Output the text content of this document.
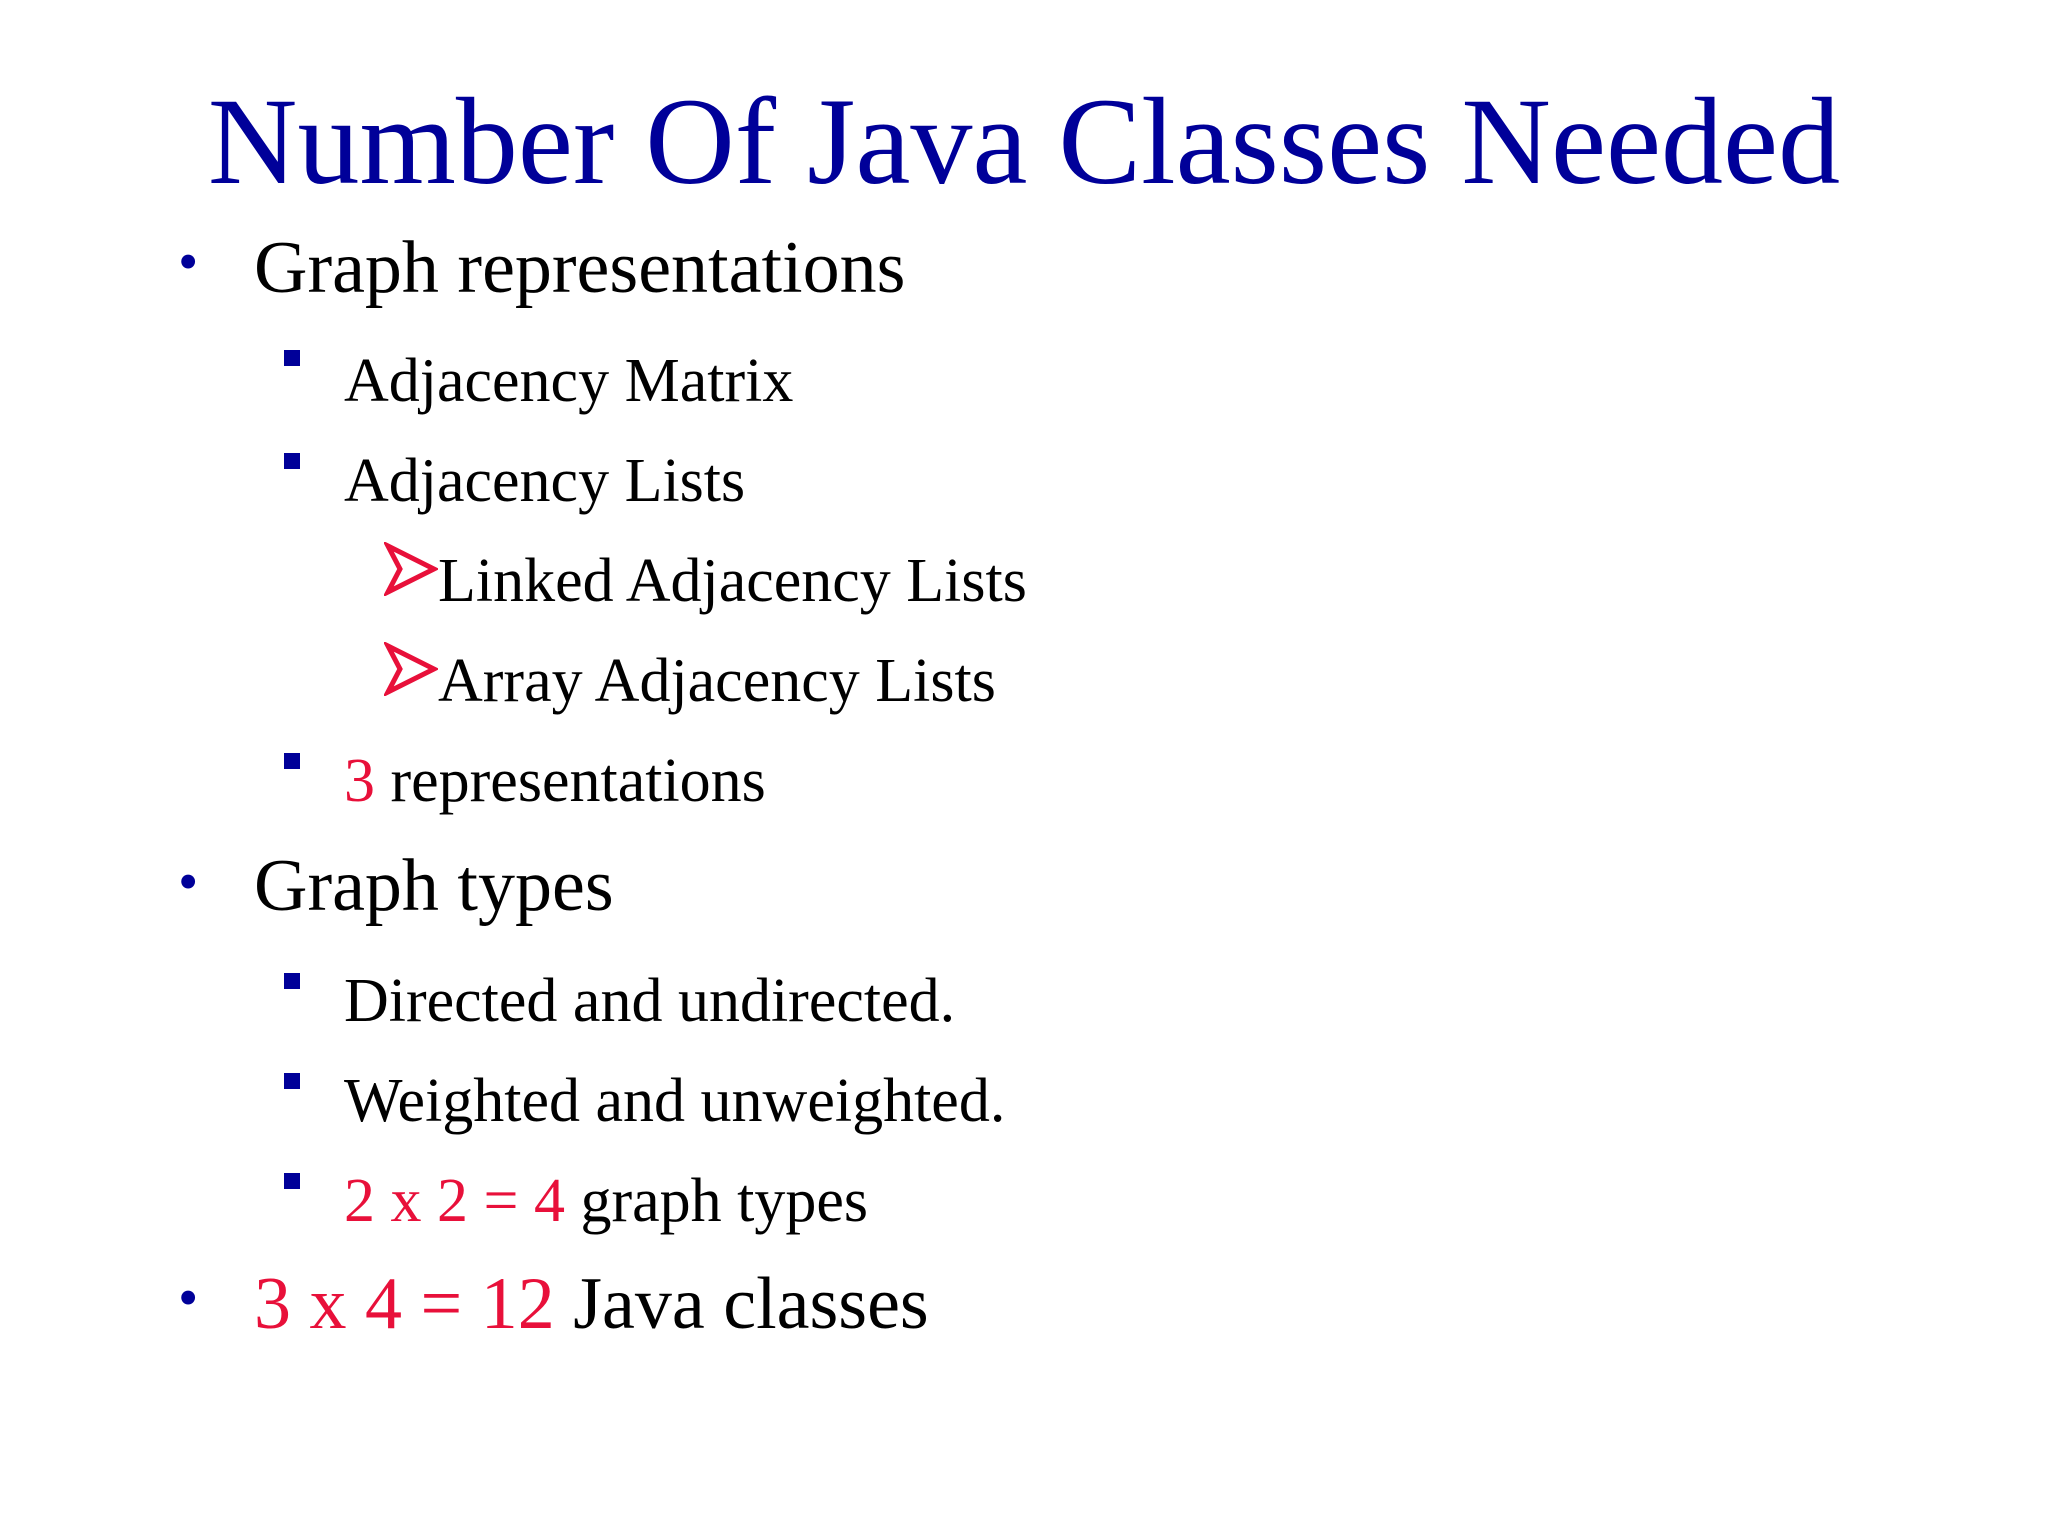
Number Of Java Classes Needed
• Graph representations
Adjacency Matrix
Adjacency Lists
Linked Adjacency Lists
Array Adjacency Lists
3 representations
• Graph types
Directed and undirected.
Weighted and unweighted.
2 x 2 = 4 graph types
• 3 x 4 = 12 Java classes
